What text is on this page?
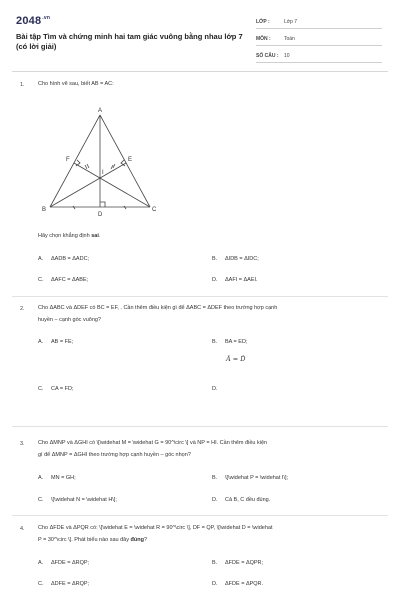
$2048^{.vn}$
Bài tập Tìm và chứng minh hai tam giác vuông bằng nhau lớp 7 (có lời giải)
LỚP :	Lớp 7
MÔN :	Toán
SỐ CÂU :	10
1. Cho hình vẽ sau, biết AB = AC:
A
B	C
D
E
F
I
Hãy chọn khẳng định sai.
A. ΔADB = ΔADC;	B. ΔIDB = ΔIDC;
C. ΔAFC = ΔABE;	D. ΔAFI = ΔAEI.
2. Cho ΔABC và ΔDEF có BC = EF, . Cần thêm điều kiện gì để ΔABC = ΔDEF theo trường hợp cạnh
huyền – cạnh góc vuông?
A. AB = FE;	B. BA = ED;
Â = D̂
C. CA = FD;	D.
3. Cho ΔMNP và ΔGHI có \[\widehat M = \widehat G = 90^\circ \] và NP = HI. Cần thêm điều kiện
gì để ΔMNP = ΔGHI theo trường hợp cạnh huyền – góc nhọn?
A. MN = GH;	B. \[\widehat P = \widehat I\];
C. \[\widehat N = \widehat H\];	D. Cả B, C đều đúng.
4. Cho ΔFDE và ΔPQR có: \[\widehat E = \widehat R = 90^\circ \], DF = QP, \[\widehat D = \widehat
P = 30^\circ \]. Phát biểu nào sau đây đúng?
A. ΔFDE = ΔRQP;	B. ΔFDE = ΔQPR;
C. ΔDFE = ΔRQP;	D. ΔFDE = ΔPQR.
